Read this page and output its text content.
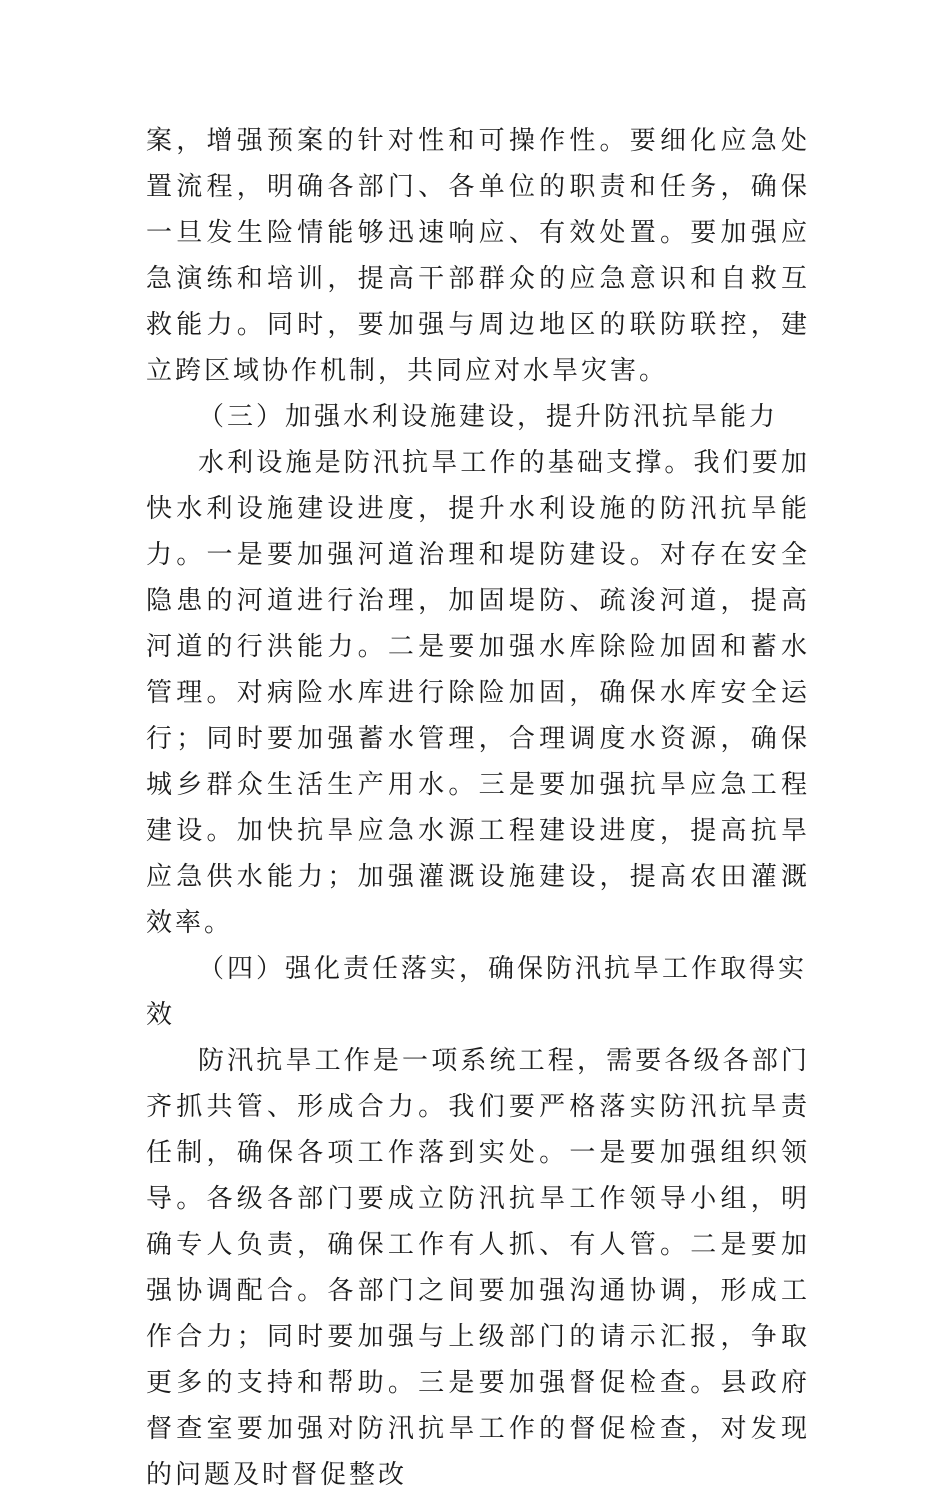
案，增强预案的针对性和可操作性。要细化应急处置流程，明确各部门、各单位的职责和任务，确保一旦发生险情能够迅速响应、有效处置。要加强应急演练和培训，提高干部群众的应急意识和自救互救能力。同时，要加强与周边地区的联防联控，建立跨区域协作机制，共同应对水旱灾害。

（三）加强水利设施建设，提升防汛抗旱能力

水利设施是防汛抗旱工作的基础支撑。我们要加快水利设施建设进度，提升水利设施的防汛抗旱能力。一是要加强河道治理和堤防建设。对存在安全隐患的河道进行治理，加固堤防、疏浚河道，提高河道的行洪能力。二是要加强水库除险加固和蓄水管理。对病险水库进行除险加固，确保水库安全运行；同时要加强蓄水管理，合理调度水资源，确保城乡群众生活生产用水。三是要加强抗旱应急工程建设。加快抗旱应急水源工程建设进度，提高抗旱应急供水能力；加强灌溉设施建设，提高农田灌溉效率。

（四）强化责任落实，确保防汛抗旱工作取得实效

防汛抗旱工作是一项系统工程，需要各级各部门齐抓共管、形成合力。我们要严格落实防汛抗旱责任制，确保各项工作落到实处。一是要加强组织领导。各级各部门要成立防汛抗旱工作领导小组，明确专人负责，确保工作有人抓、有人管。二是要加强协调配合。各部门之间要加强沟通协调，形成工作合力；同时要加强与上级部门的请示汇报，争取更多的支持和帮助。三是要加强督促检查。县政府督查室要加强对防汛抗旱工作的督促检查，对发现的问题及时督促整改
